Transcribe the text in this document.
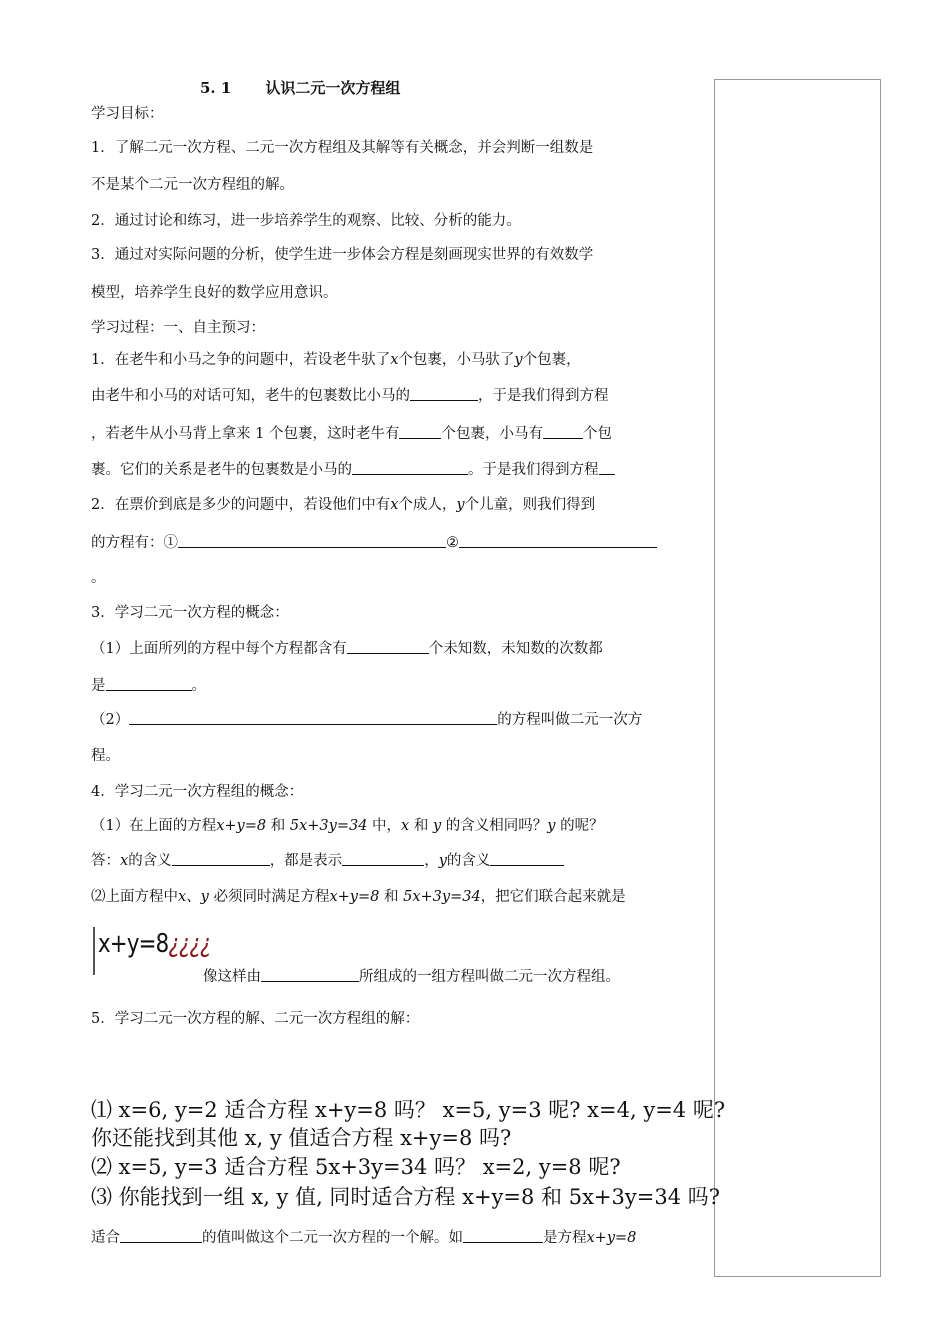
5. 1 认识二元一次方程组
学习目标：
1．了解二元一次方程、二元一次方程组及其解等有关概念，并会判断一组数是
不是某个二元一次方程组的解。
2．通过讨论和练习，进一步培养学生的观察、比较、分析的能力。
3．通过对实际问题的分析，使学生进一步体会方程是刻画现实世界的有效数学
模型，培养学生良好的数学应用意识。
学习过程：一、自主预习：
1．在老牛和小马之争的问题中，若设老牛驮了x个包裹，小马驮了y个包裹，
由老牛和小马的对话可知，老牛的包裹数比小马的	，于是我们得到方程
，若老牛从小马背上拿来 1 个包裹，这时老牛有	个包裹，小马有	个包
裹。它们的关系是老牛的包裹数是小马的	。于是我们得到方程
2．在票价到底是多少的问题中，若设他们中有x个成人，y个儿童，则我们得到
的方程有：①	②
。
3．学习二元一次方程的概念：
（1）上面所列的方程中每个方程都含有	个未知数，未知数的次数都
是	。
（2）	的方程叫做二元一次方
程。
4．学习二元一次方程组的概念：
（1）在上面的方程x+y=8 和 5x+3y=34 中，x 和 y 的含义相同吗？y 的呢？
答：x的含义	，都是表示	，y的含义
⑵上面方程中x、y 必须同时满足方程x+y=8 和 5x+3y=34，把它们联合起来就是
x+y=8¿¿¿¿
像这样由	所组成的一组方程叫做二元一次方程组。
5．学习二元一次方程的解、二元一次方程组的解：
⑴ x=6, y=2 适合方程 x+y=8 吗？ x=5, y=3 呢? x=4, y=4 呢?
你还能找到其他 x, y 值适合方程 x+y=8 吗?
⑵ x=5, y=3 适合方程 5x+3y=34 吗？ x=2, y=8 呢?
⑶ 你能找到一组 x, y 值, 同时适合方程 x+y=8 和 5x+3y=34 吗?
适合	的值叫做这个二元一次方程的一个解。如	是方程x+y=8
